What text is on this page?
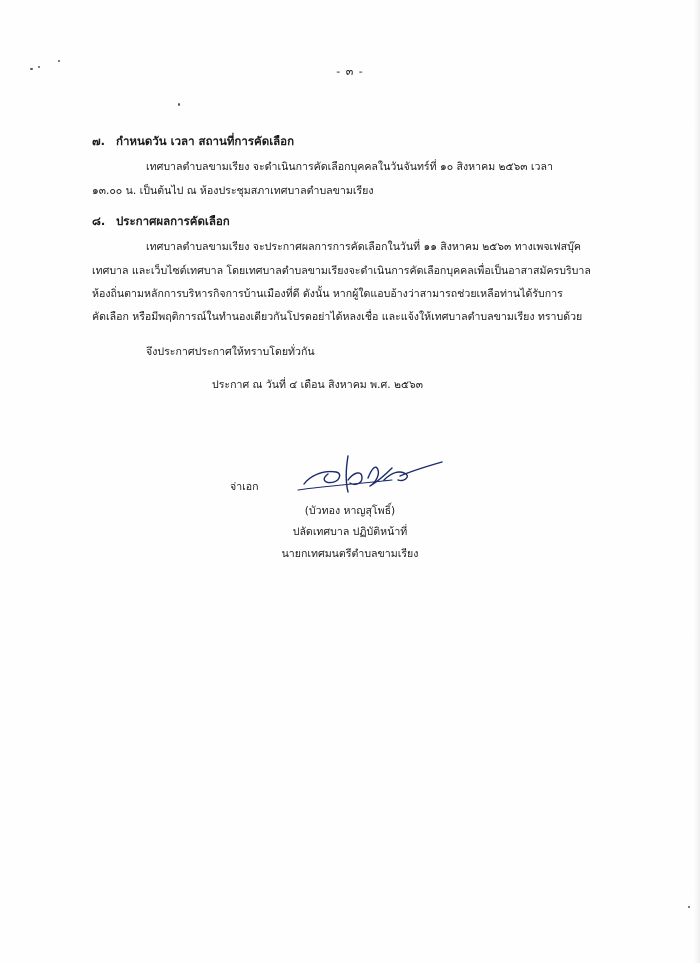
- ๓ -
๗. กำหนดวัน เวลา สถานที่การคัดเลือก
เทศบาลตำบลขามเรียง จะดำเนินการคัดเลือกบุคคลในวันจันทร์ที่ ๑๐ สิงหาคม ๒๕๖๓ เวลา
๑๓.๐๐ น. เป็นต้นไป ณ ห้องประชุมสภาเทศบาลตำบลขามเรียง
๘. ประกาศผลการคัดเลือก
เทศบาลตำบลขามเรียง จะประกาศผลการการคัดเลือกในวันที่ ๑๑ สิงหาคม ๒๕๖๓ ทางเพจเฟสบุ๊ค
เทศบาล และเว็บไซต์เทศบาล โดยเทศบาลตำบลขามเรียงจะดำเนินการคัดเลือกบุคคลเพื่อเป็นอาสาสมัครบริบาล
ห้องถิ่นตามหลักการบริหารกิจการบ้านเมืองที่ดี ดังนั้น หากผู้ใดแอบอ้างว่าสามารถช่วยเหลือท่านได้รับการ
คัดเลือก หรือมีพฤติการณ์ในทำนองเดียวกันโปรดอย่าได้หลงเชื่อ และแจ้งให้เทศบาลตำบลขามเรียง ทราบด้วย
จึงประกาศประกาศให้ทราบโดยทั่วกัน
ประกาศ ณ วันที่ ๔ เดือน สิงหาคม พ.ศ. ๒๕๖๓
จ่าเอก
(บัวทอง หาญสุโพธิ์)
ปลัดเทศบาล ปฏิบัติหน้าที่
นายกเทศมนตรีตำบลขามเรียง
